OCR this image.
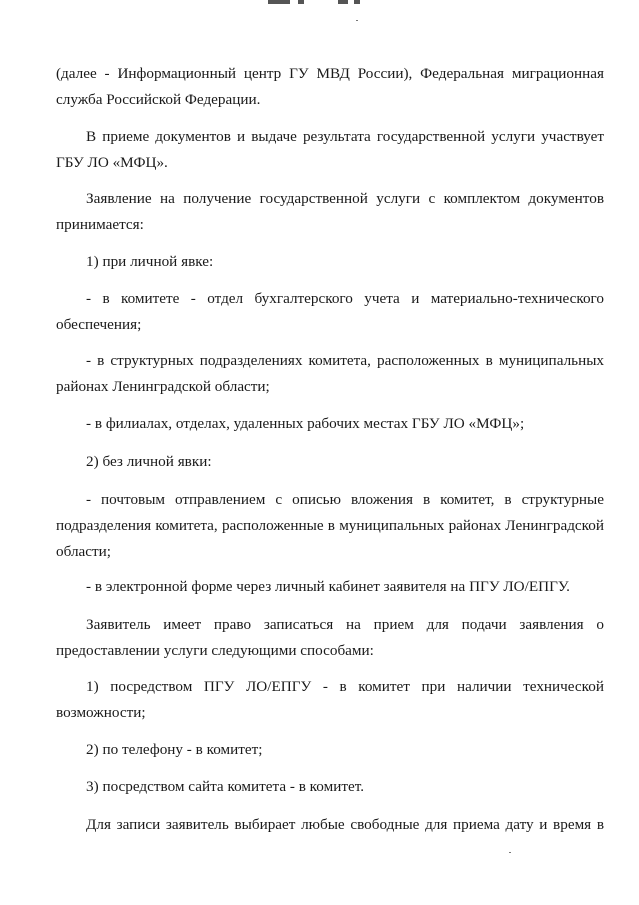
(далее - Информационный центр ГУ МВД России), Федеральная миграционная служба Российской Федерации.

В приеме документов и выдаче результата государственной услуги участвует ГБУ ЛО «МФЦ».

Заявление на получение государственной услуги с комплектом документов принимается:

1) при личной явке:

- в комитете - отдел бухгалтерского учета и материально-технического обеспечения;

- в структурных подразделениях комитета, расположенных в муниципальных районах Ленинградской области;

- в филиалах, отделах, удаленных рабочих местах ГБУ ЛО «МФЦ»;

2) без личной явки:

- почтовым отправлением с описью вложения в комитет, в структурные подразделения комитета, расположенные в муниципальных районах Ленинградской области;

- в электронной форме через личный кабинет заявителя на ПГУ ЛО/ЕПГУ.

Заявитель имеет право записаться на прием для подачи заявления о предоставлении услуги следующими способами:

1) посредством ПГУ ЛО/ЕПГУ - в комитет при наличии технической возможности;

2) по телефону - в комитет;

3) посредством сайта комитета - в комитет.

Для записи заявитель выбирает любые свободные для приема дату и время в
